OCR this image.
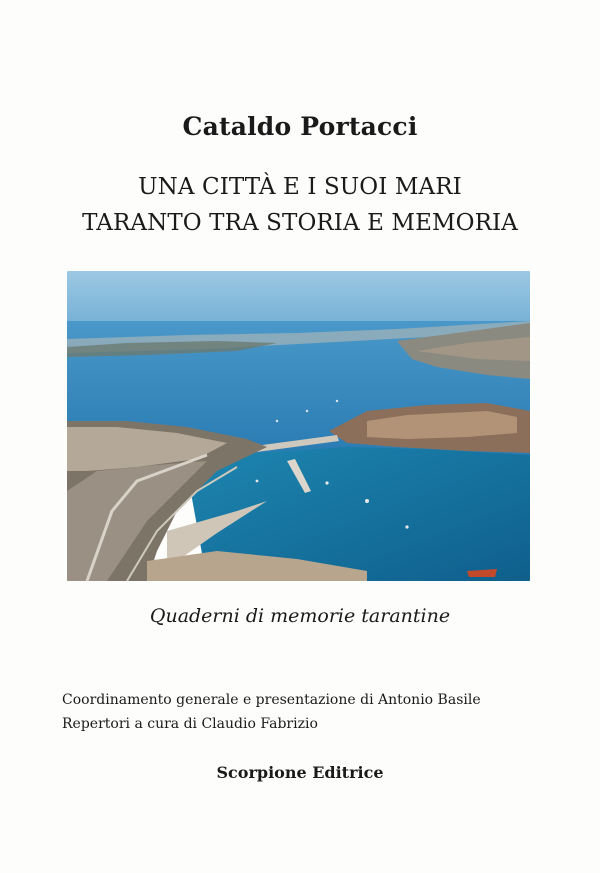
Cataldo Portacci
UNA CITTÀ E I SUOI MARI
TARANTO TRA STORIA E MEMORIA
Quaderni di memorie tarantine
Coordinamento generale e presentazione di Antonio Basile
Repertori a cura di Claudio Fabrizio
Scorpione Editrice
